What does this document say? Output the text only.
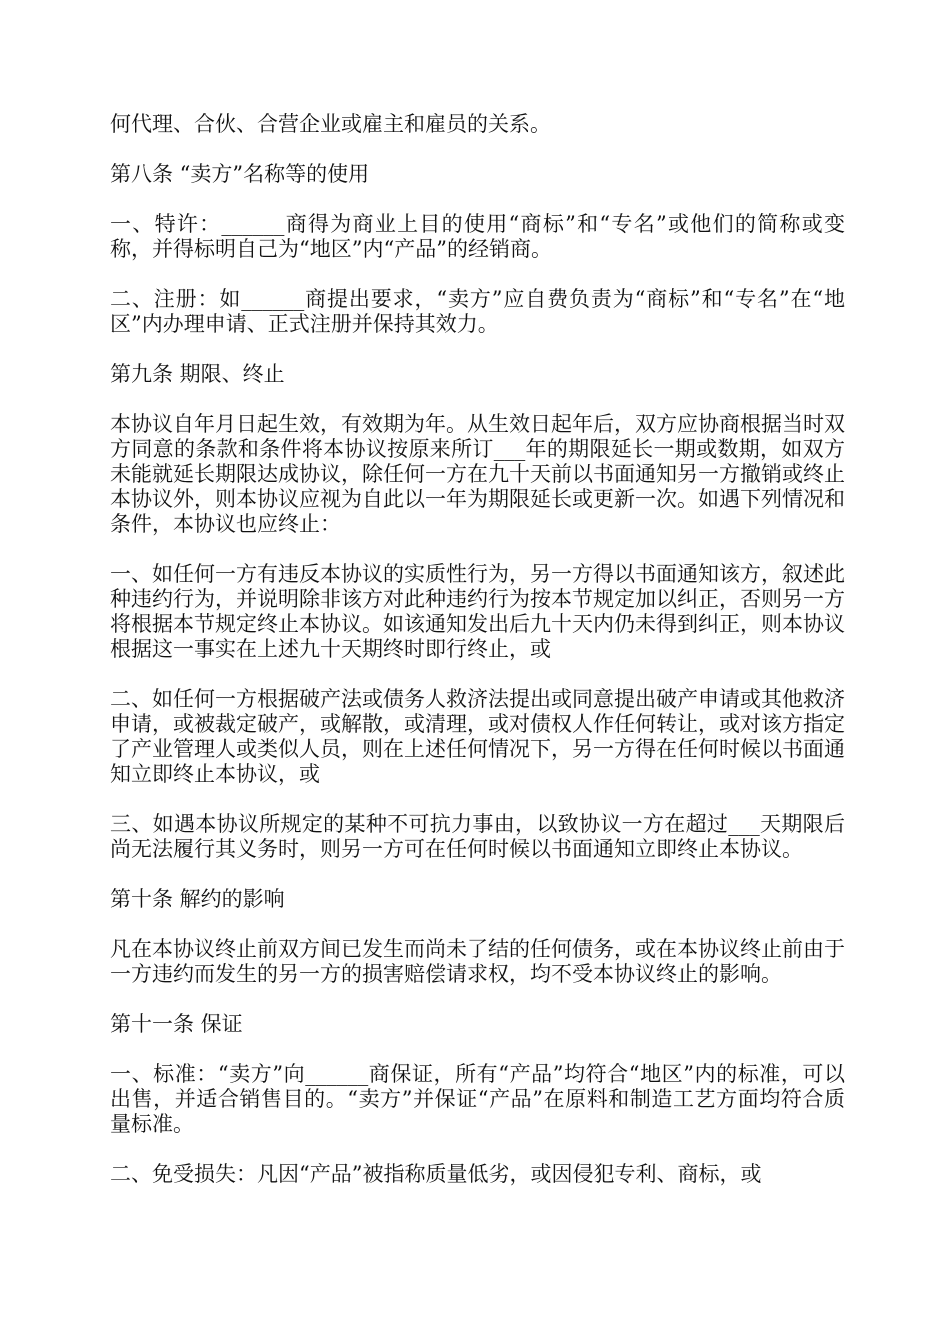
何代理、合伙、合营企业或雇主和雇员的关系。

第八条 “卖方”名称等的使用

一、特许：______商得为商业上目的使用“商标”和“专名”或他们的简称或变称，并得标明自己为“地区”内“产品”的经销商。

二、注册：如______商提出要求，“卖方”应自费负责为“商标”和“专名”在“地区”内办理申请、正式注册并保持其效力。

第九条 期限、终止

本协议自年月日起生效，有效期为年。从生效日起年后，双方应协商根据当时双方同意的条款和条件将本协议按原来所订___年的期限延长一期或数期，如双方未能就延长期限达成协议，除任何一方在九十天前以书面通知另一方撤销或终止本协议外，则本协议应视为自此以一年为期限延长或更新一次。如遇下列情况和条件，本协议也应终止：

一、如任何一方有违反本协议的实质性行为，另一方得以书面通知该方，叙述此种违约行为，并说明除非该方对此种违约行为按本节规定加以纠正，否则另一方将根据本节规定终止本协议。如该通知发出后九十天内仍未得到纠正，则本协议根据这一事实在上述九十天期终时即行终止，或

二、如任何一方根据破产法或债务人救济法提出或同意提出破产申请或其他救济申请，或被裁定破产，或解散，或清理，或对债权人作任何转让，或对该方指定了产业管理人或类似人员，则在上述任何情况下，另一方得在任何时候以书面通知立即终止本协议，或

三、如遇本协议所规定的某种不可抗力事由，以致协议一方在超过___天期限后尚无法履行其义务时，则另一方可在任何时候以书面通知立即终止本协议。

第十条 解约的影响

凡在本协议终止前双方间已发生而尚未了结的任何债务，或在本协议终止前由于一方违约而发生的另一方的损害赔偿请求权，均不受本协议终止的影响。

第十一条 保证

一、标准：“卖方”向______商保证，所有“产品”均符合“地区”内的标准，可以出售，并适合销售目的。“卖方”并保证“产品”在原料和制造工艺方面均符合质量标准。

二、免受损失：凡因“产品”被指称质量低劣，或因侵犯专利、商标，或
